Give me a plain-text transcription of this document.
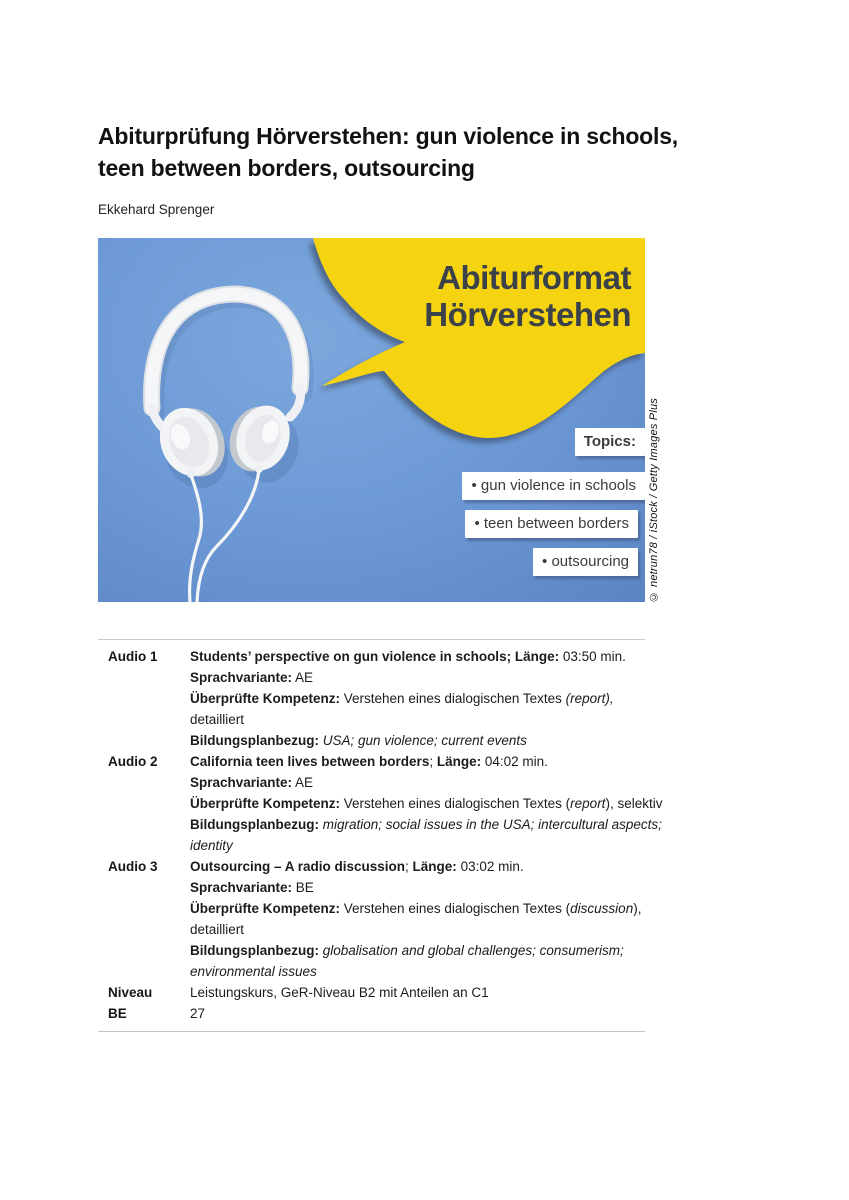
Abiturprüfung Hörverstehen: gun violence in schools, teen between borders, outsourcing
Ekkehard Sprenger
Abiturformat
Hörverstehen
Topics:
• gun violence in schools
• teen between borders
• outsourcing	© netrun78 / iStock / Getty Images Plus
Audio 1	Students’ perspective on gun violence in schools; Länge: 03:50 min.
Sprachvariante: AE
Überprüfte Kompetenz: Verstehen eines dialogischen Textes (report),
detailliert
Bildungsplanbezug: USA; gun violence; current events
Audio 2	California teen lives between borders; Länge: 04:02 min.
Sprachvariante: AE
Überprüfte Kompetenz: Verstehen eines dialogischen Textes (report), selektiv
Bildungsplanbezug: migration; social issues in the USA; intercultural aspects;
identity
Audio 3	Outsourcing – A radio discussion; Länge: 03:02 min.
Sprachvariante: BE
Überprüfte Kompetenz: Verstehen eines dialogischen Textes (discussion),
detailliert
Bildungsplanbezug: globalisation and global challenges; consumerism;
environmental issues
Niveau	Leistungskurs, GeR-Niveau B2 mit Anteilen an C1
BE	27
